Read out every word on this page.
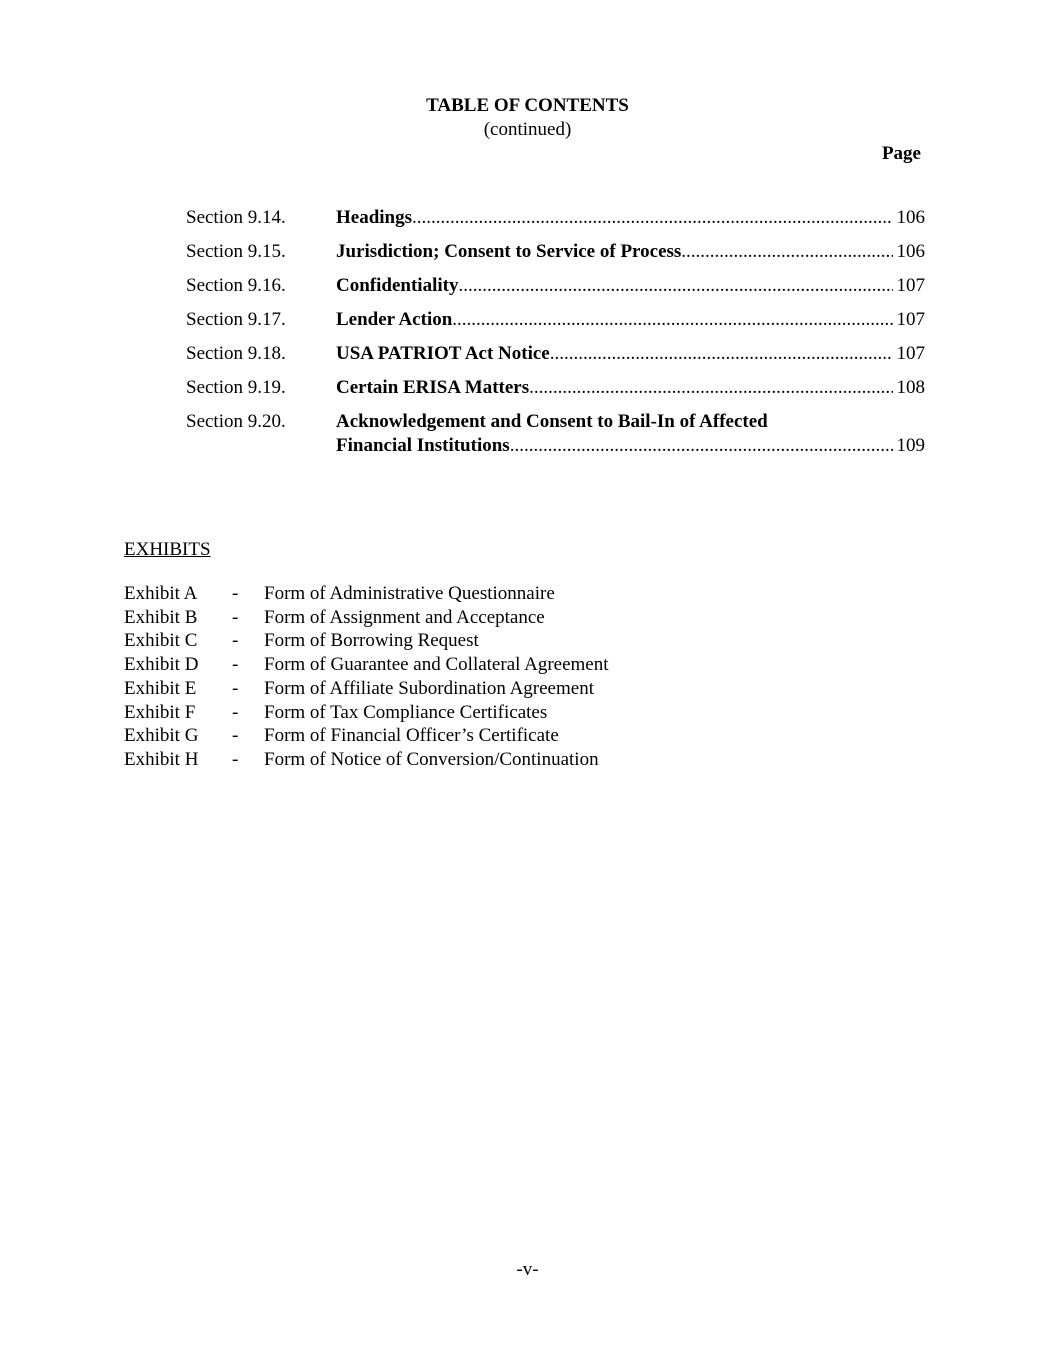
TABLE OF CONTENTS
(continued)
Page
Section 9.14.	Headings .....	106
Section 9.15.	Jurisdiction; Consent to Service of Process .....	106
Section 9.16.	Confidentiality .....	107
Section 9.17.	Lender Action .....	107
Section 9.18.	USA PATRIOT Act Notice .....	107
Section 9.19.	Certain ERISA Matters .....	108
Section 9.20.	Acknowledgement and Consent to Bail-In of Affected
Financial Institutions .....	109
EXHIBITS
Exhibit A	-	Form of Administrative Questionnaire
Exhibit B	-	Form of Assignment and Acceptance
Exhibit C	-	Form of Borrowing Request
Exhibit D	-	Form of Guarantee and Collateral Agreement
Exhibit E	-	Form of Affiliate Subordination Agreement
Exhibit F	-	Form of Tax Compliance Certificates
Exhibit G	-	Form of Financial Officer’s Certificate
Exhibit H	-	Form of Notice of Conversion/Continuation
-v-
